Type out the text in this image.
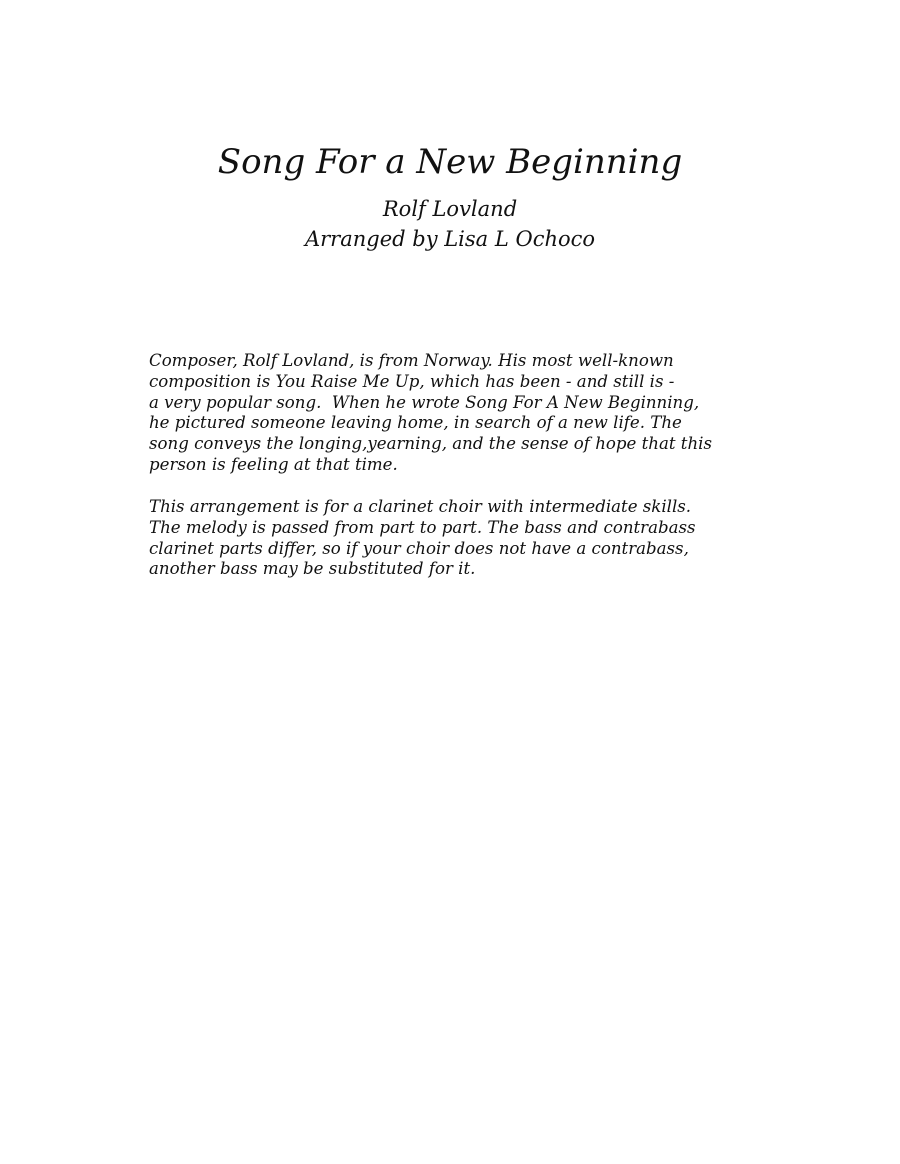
Song For a New Beginning
Rolf Lovland
Arranged by Lisa L Ochoco
Composer, Rolf Lovland, is from Norway. His most well-known
composition is You Raise Me Up, which has been - and still is -
a very popular song.  When he wrote Song For A New Beginning,
he pictured someone leaving home, in search of a new life. The
song conveys the longing,yearning, and the sense of hope that this
person is feeling at that time.
This arrangement is for a clarinet choir with intermediate skills.
The melody is passed from part to part. The bass and contrabass
clarinet parts differ, so if your choir does not have a contrabass,
another bass may be substituted for it.
